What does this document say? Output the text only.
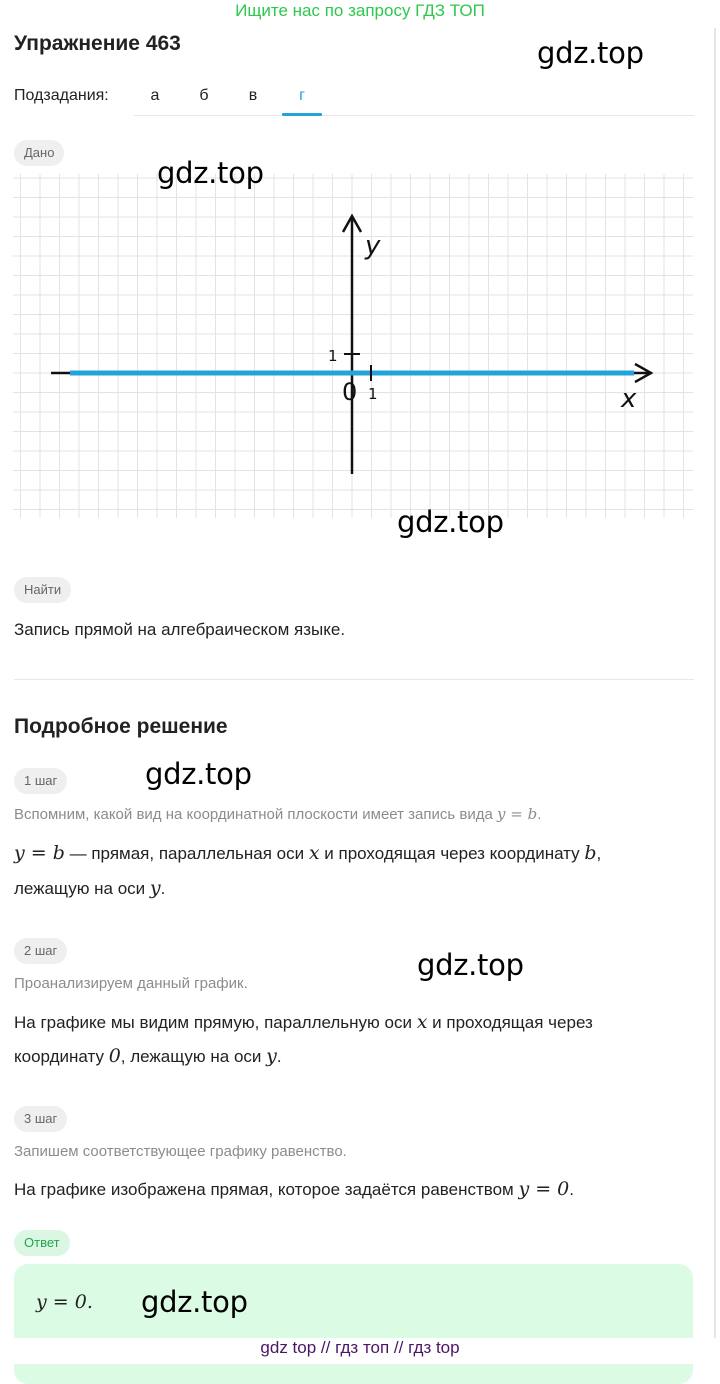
Ищите нас по запросу ГДЗ ТОП
Упражнение 463	gdz.top
Подзадания:	а	б	в	г
Дано
y
x
0 1
1
gdz.top
gdz.top
Найти
Запись прямой на алгебраическом языке.
Подробное решение
1 шаг	gdz.top
Вспомним, какой вид на координатной плоскости имеет запись вида y = b.
y = b — прямая, параллельная оси x и проходящая через координату b,
лежащую на оси y.
2 шаг	gdz.top
Проанализируем данный график.
На графике мы видим прямую, параллельную оси x и проходящая через
координату 0, лежащую на оси y.
3 шаг
Запишем соответствующее графику равенство.
На графике изображена прямая, которое задаётся равенством y = 0.
Ответ
y = 0. gdz.top
gdz top // гдз топ // гдз top
